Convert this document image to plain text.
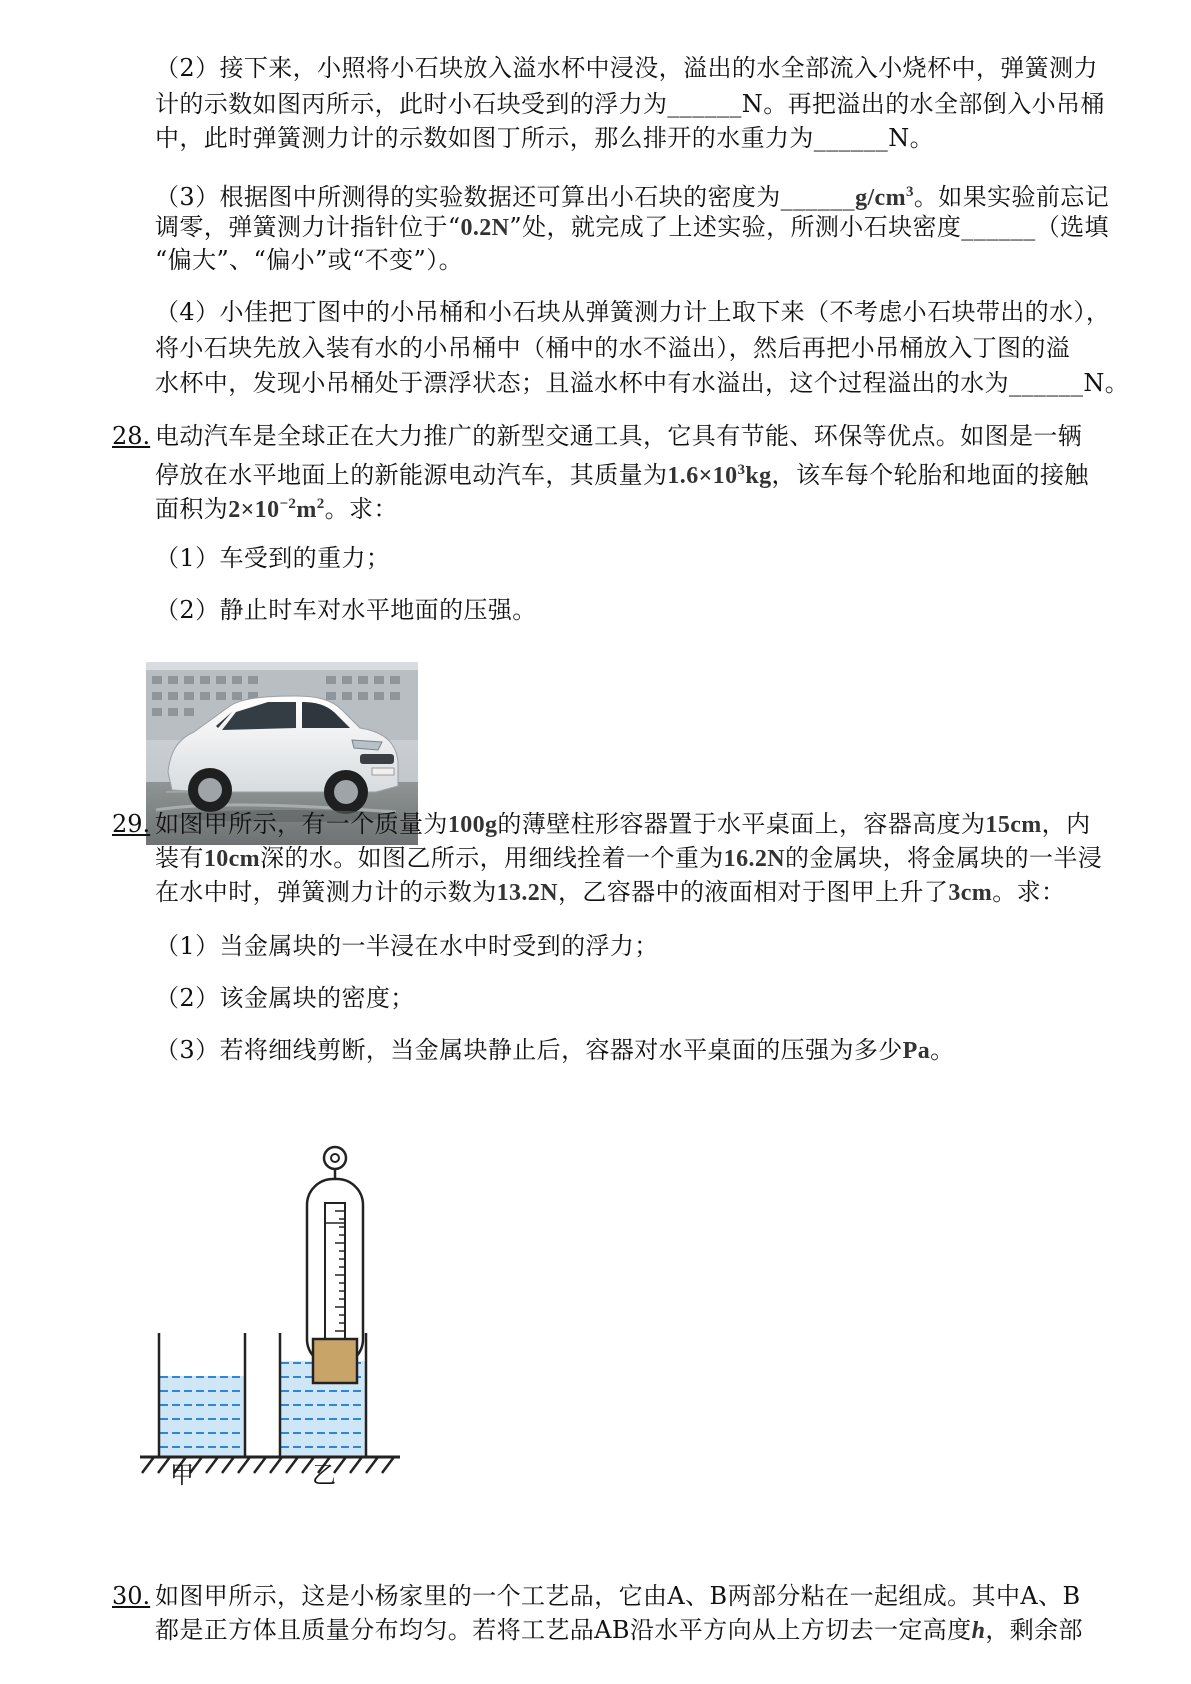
（2）接下来，小照将小石块放入溢水杯中浸没，溢出的水全部流入小烧杯中，弹簧测力
计的示数如图丙所示，此时小石块受到的浮力为______N。再把溢出的水全部倒入小吊桶
中，此时弹簧测力计的示数如图丁所示，那么排开的水重力为______N。
（3）根据图中所测得的实验数据还可算出小石块的密度为$\_\_\_\_\_\_g/cm^3$。如果实验前忘记
调零，弹簧测力计指针位于“0.2N”处，就完成了上述实验，所测小石块密度______（选填
“偏大”、“偏小”或“不变”）。
（4）小佳把丁图中的小吊桶和小石块从弹簧测力计上取下来（不考虑小石块带出的水），
将小石块先放入装有水的小吊桶中（桶中的水不溢出），然后再把小吊桶放入丁图的溢
水杯中，发现小吊桶处于漂浮状态；且溢水杯中有水溢出，这个过程溢出的水为______N。
28. 电动汽车是全球正在大力推广的新型交通工具，它具有节能、环保等优点。如图是一辆
停放在水平地面上的新能源电动汽车，其质量为$1.6\times 10^3kg$，该车每个轮胎和地面的接触
面积为$2\times 10^{-2}m^2$。求：
（1）车受到的重力；
（2）静止时车对水平地面的压强。
29. 如图甲所示，有一个质量为100g的薄壁柱形容器置于水平桌面上，容器高度为15cm，内
装有10cm深的水。如图乙所示，用细线拴着一个重为16.2N的金属块，将金属块的一半浸
在水中时，弹簧测力计的示数为13.2N，乙容器中的液面相对于图甲上升了3cm。求：
（1）当金属块的一半浸在水中时受到的浮力；
（2）该金属块的密度；
（3）若将细线剪断，当金属块静止后，容器对水平桌面的压强为多少Pa。
甲	乙
30. 如图甲所示，这是小杨家里的一个工艺品，它由A、B两部分粘在一起组成。其中A、B
都是正方体且质量分布均匀。若将工艺品AB沿水平方向从上方切去一定高度h，剩余部
